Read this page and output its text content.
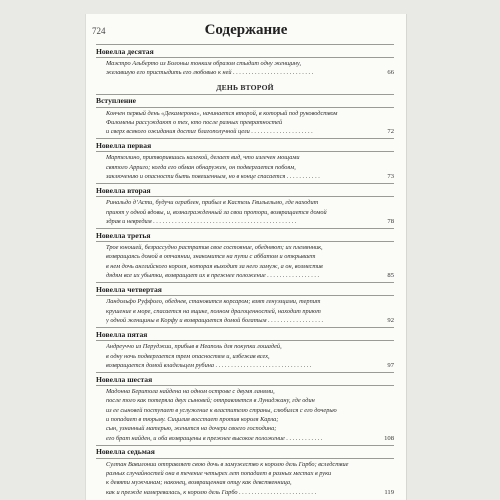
724	Содержание
Новелла десятая
Маэстро Альберто из Болоньи тонким образом стыдит одну женщину,
желавшую его пристыдить его любовью к ней . . . . . . . . . . . . . . . . . . . . . . . . . .	66
ДЕНЬ ВТОРОЙ
Вступление
Кончен первый день «Декамерона», начинается второй, в который под руководством
Филомены рассуждают о тех, кто после разных превратностей
и сверх всякого ожидания достиг благополучной цели . . . . . . . . . . . . . . . . . . . .	72
Новелла первая
Мартеллино, притворившись калекой, делает вид, что излечен мощами
святого Арриго; когда его обман обнаружен, он подвергается побоям,
заключению и опасности быть повешенным, но в конце спасается . . . . . . . . . . .	73
Новелла вторая
Ринальдо д’Асти, будучи ограблен, прибыл в Кастель Гвильельмо, где находит
приют у одной вдовы, и, вознагражденный за свои протори, возвращается домой
здрав и невредим . . . . . . . . . . . . . . . . . . . . . . . . . . . . . . . . . . . . . . . . . . . . . .	78
Новелла третья
Трое юношей, безрассудно растратив свое состояние, обедняют; их племянник,
возвращаясь домой в отчаянии, знакомится на пути с аббатом и открывает
в нем дочь английского короля, которая выходит за него замуж, а он, возместив
дядям все их убытки, возвращает их в прежнее положение . . . . . . . . . . . . . . . . .	85
Новелла четвертая
Ландольфо Руффоло, обеднев, становится корсаром; взят генуэзцами, терпит
крушение в море, спасается на ящике, полном драгоценностей, находит приют
у одной женщины в Корфу и возвращается домой богатым . . . . . . . . . . . . . . . . . .	92
Новелла пятая
Андреуччо из Перуджии, прибыв в Неаполь для покупки лошадей,
в одну ночь подвергается трем опасностям и, избежав всех,
возвращается домой владельцем рубина . . . . . . . . . . . . . . . . . . . . . . . . . . . . . . .	97
Новелла шестая
Мадонна Беритола найдена на одном острове с двумя ланями,
после того как потеряла двух сыновей; отправляется в Луниджану, где один
из ее сыновей поступает в услужение к властителю страны, слюбился с его дочерью
и попадает в тюрьму. Сицилия восстает против короля Карла;
сын, узнанный матерью, женится на дочери своего господина;
его брат найден, и оба возвращены в прежнее высокое положение . . . . . . . . . . . .	108
Новелла седьмая
Султан Вавилонии отправляет свою дочь в замужество к королю дель Гарбо; вследствие
разных случайностей она в течение четырех лет попадает в разных местах в руки
к девяти мужчинам; наконец, возвращенная отцу как девственница,
как и прежде намеревалась, к королю дель Гарбо . . . . . . . . . . . . . . . . . . . . . . . . .	119
